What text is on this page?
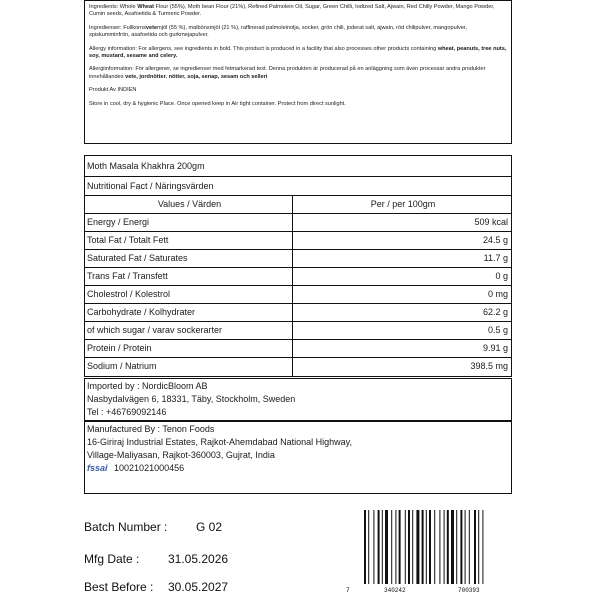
Ingredients: Whole Wheat Flour (55%), Moth bean Flour (21%), Refined Palmolein Oil, Sugar, Green Chilli, Iodized Salt, Ajwain, Red Chilly Powder, Mango Powder, Cumin seeds, Asafoetida & Turmeric Powder.

Ingredienser: Fullkornsvetemjöl (55 %), malbönsmjöl (21 %), raffinerad palmoleinolja, socker, grön chili, joderat salt, ajwain, röd chilipulver, mangopulver, spiskumminfrön, asafoetida och gurkmejapulver.

Allergy information: For allergens, see ingredients in bold. This product is produced in a facility that also processes other products containing wheat, peanuts, tree nuts, soy, mustard, sesame and celery.

Allergiinformation: För allergener, se ingredienser med fetmarkerad text. Denna produkten är producerad på en anläggning som även processar andra produkter innehållandes vete, jordnötter. nötter, soja, senap, sesam och selleri

Produkt Av INDIEN

Store in cool, dry & hygienic Place. Once opened keep in Air tight container. Protect from direct sunlight.

Moth Masala Khakhra 200gm
Nutritional Fact / Näringsvärden
Values / Värden	Per / per 100gm
Energy / Energi	509 kcal
Total Fat / Totalt Fett	24.5 g
Saturated Fat / Saturates	11.7 g
Trans Fat / Transfett	0 g
Cholestrol / Kolestrol	0 mg
Carbohydrate / Kolhydrater	62.2 g
of which sugar / varav sockerarter	0.5 g
Protein / Protein	9.91 g
Sodium / Natrium	398.5 mg
Imported by : NordicBloom AB
Nasbydalvägen 6, 18331, Täby, Stockholm, Sweden
Tel : +46769092146
Manufactured By : Tenon Foods
16-Giriraj Industrial Estates, Rajkot-Ahemdabad National Highway,
Village-Maliyasan, Rajkot-360003, Gujrat, India
fssai 10021021000456
Batch Number : G 02
Mfg Date : 31.05.2026
Best Before : 30.05.2027	7	340242	700393
